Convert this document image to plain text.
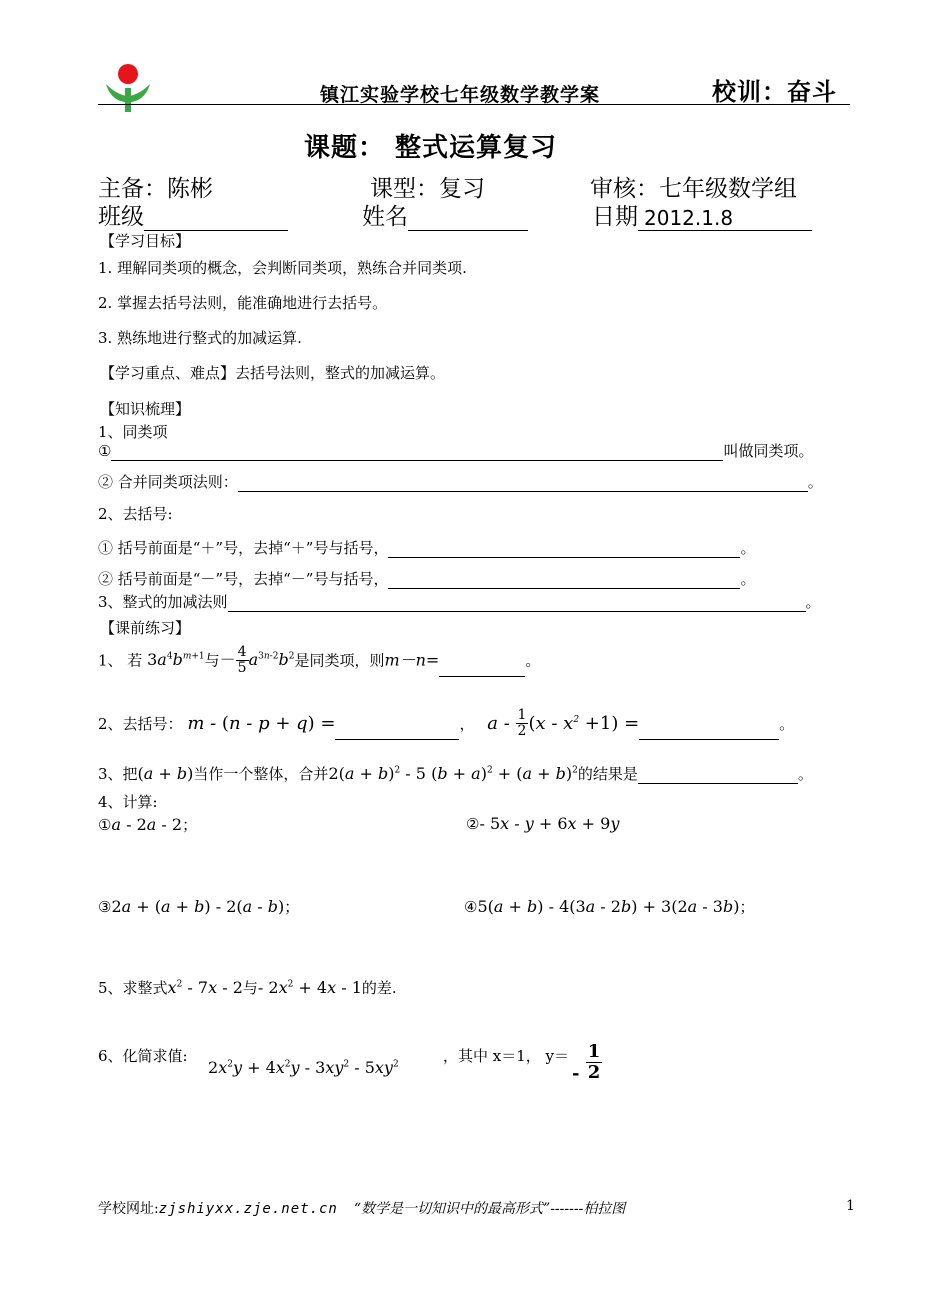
镇江实验学校七年级数学教学案	校训：奋斗
课题： 整式运算复习
主备：陈彬	课型：复习	审核：七年级数学组
班级	姓名	日期 2012.1.8
【学习目标】
1. 理解同类项的概念，会判断同类项，熟练合并同类项.
2. 掌握去括号法则，能准确地进行去括号。
3. 熟练地进行整式的加减运算.
【学习重点、难点】去括号法则，整式的加减运算。
【知识梳理】
1、同类项
①	叫做同类项。
② 合并同类项法则：	。
2、去括号:
① 括号前面是“＋”号，去掉“＋”号与括号，	。
② 括号前面是“－”号，去掉“－”号与括号，	。
3、整式的加减法则	。
【课前练习】
1、 若 $3a^4b^{m+1}$与－ $\frac{4}{5} a^{3n-2}b^2$是同类项，则m－n=	。
2、去括号： m - (n - p + q) =	， $a - \frac{1}{2} (x - x^2 +1)$ =	。
3、把(a + b)当作一个整体，合并$2(a + b)^2 - 5$ $(b + a)^2 + (a + b)^2$的结果是	。
4、计算:
①a - 2a - 2；	②- 5x - y + 6x + 9y
③2a + (a + b) - 2(a - b)；	④5(a + b) - 4(3a - 2b) + 3(2a - 3b)；
5、求整式$x^2 - 7x - 2$与- $2x^2 + 4x - 1$的差.
6、化简求值:
$2x^2y + 4x^2y - 3xy^2 - 5xy^2$	，其中 x＝1， y＝
- $\frac{1}{2}$
学校网址:zjshiyxx.zje.net.cn “数学是一切知识中的最高形式”-------柏拉图	1
